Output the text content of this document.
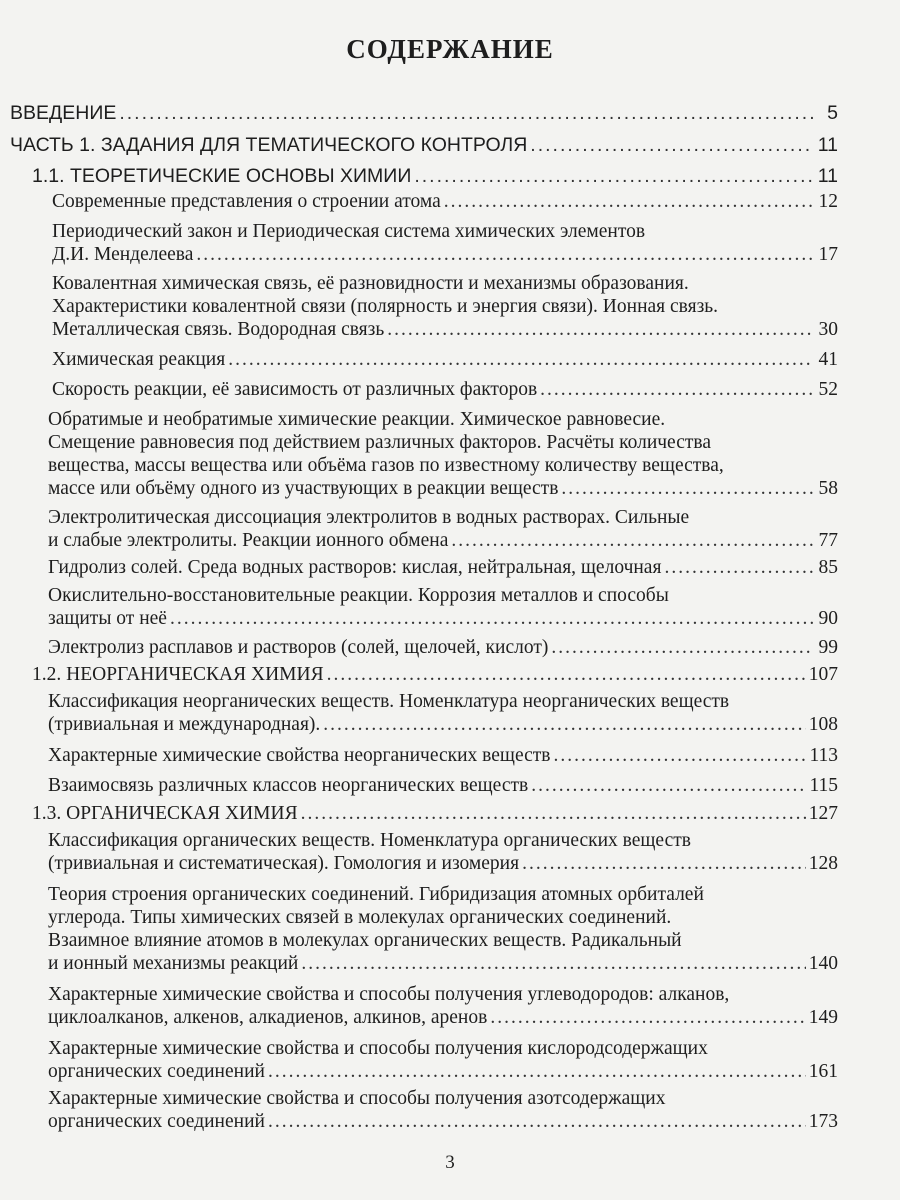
СОДЕРЖАНИЕ
ВВЕДЕНИЕ .....	5
ЧАСТЬ 1. ЗАДАНИЯ ДЛЯ ТЕМАТИЧЕСКОГО КОНТРОЛЯ .....	11
1.1. ТЕОРЕТИЧЕСКИЕ ОСНОВЫ ХИМИИ .....	11
Современные представления о строении атома .....	12
Периодический закон и Периодическая система химических элементов
Д.И. Менделеева .....	17
Ковалентная химическая связь, её разновидности и механизмы образования.
Характеристики ковалентной связи (полярность и энергия связи). Ионная связь.
Металлическая связь. Водородная связь .....	30
Химическая реакция .....	41
Скорость реакции, её зависимость от различных факторов .....	52
Обратимые и необратимые химические реакции. Химическое равновесие.
Смещение равновесия под действием различных факторов. Расчёты количества
вещества, массы вещества или объёма газов по известному количеству вещества,
массе или объёму одного из участвующих в реакции веществ .....	58
Электролитическая диссоциация электролитов в водных растворах. Сильные
и слабые электролиты. Реакции ионного обмена .....	77
Гидролиз солей. Среда водных растворов: кислая, нейтральная, щелочная .....	85
Окислительно-восстановительные реакции. Коррозия металлов и способы
защиты от неё .....	90
Электролиз расплавов и растворов (солей, щелочей, кислот) .....	99
1.2. НЕОРГАНИЧЕСКАЯ ХИМИЯ .....	107
Классификация неорганических веществ. Номенклатура неорганических веществ
(тривиальная и международная). .....	108
Характерные химические свойства неорганических веществ .....	113
Взаимосвязь различных классов неорганических веществ .....	115
1.3. ОРГАНИЧЕСКАЯ ХИМИЯ .....	127
Классификация органических веществ. Номенклатура органических веществ
(тривиальная и систематическая). Гомология и изомерия .....	128
Теория строения органических соединений. Гибридизация атомных орбиталей
углерода. Типы химических связей в молекулах органических соединений.
Взаимное влияние атомов в молекулах органических веществ. Радикальный
и ионный механизмы реакций .....	140
Характерные химические свойства и способы получения углеводородов: алканов,
циклоалканов, алкенов, алкадиенов, алкинов, аренов .....	149
Характерные химические свойства и способы получения кислородсодержащих
органических соединений .....	161
Характерные химические свойства и способы получения азотсодержащих
органических соединений .....	173
3
